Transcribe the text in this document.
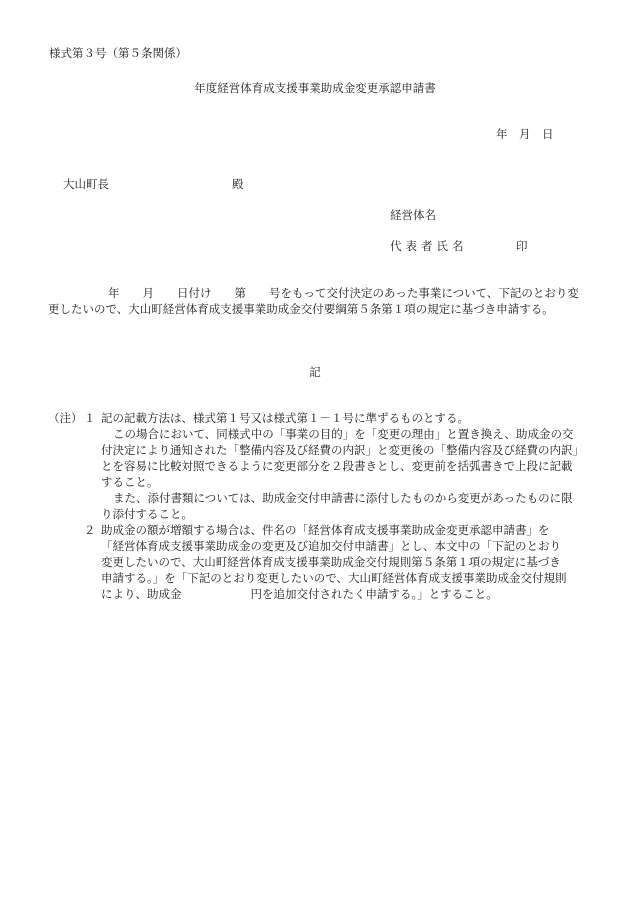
様式第３号（第５条関係）
年度経営体育成支援事業助成金変更承認申請書
年　月　日
大山町長	殿
経営体名
代表者氏名	印
年　　月　　日付け　　第　　号をもって交付決定のあった事業について、下記のとおり変更したいので、大山町経営体育成支援事業助成金交付要綱第５条第１項の規定に基づき申請する。
記
（注） １ 記の記載方法は、様式第１号又は様式第１－１号に準ずるものとする。
この場合において、同様式中の「事業の目的」を「変更の理由」と置き換え、助成金の交付決定により通知された「整備内容及び経費の内訳」と変更後の「整備内容及び経費の内訳」とを容易に比較対照できるように変更部分を２段書きとし、変更前を括弧書きで上段に記載すること。
また、添付書類については、助成金交付申請書に添付したものから変更があったものに限り添付すること。
２ 助成金の額が増額する場合は、件名の「経営体育成支援事業助成金変更承認申請書」を「経営体育成支援事業助成金の変更及び追加交付申請書」とし、本文中の「下記のとおり変更したいので、大山町経営体育成支援事業助成金交付規則第５条第１項の規定に基づき申請する。」を「下記のとおり変更したいので、大山町経営体育成支援事業助成金交付規則により、助成金　　　　　　円を追加交付されたく申請する。」とすること。
